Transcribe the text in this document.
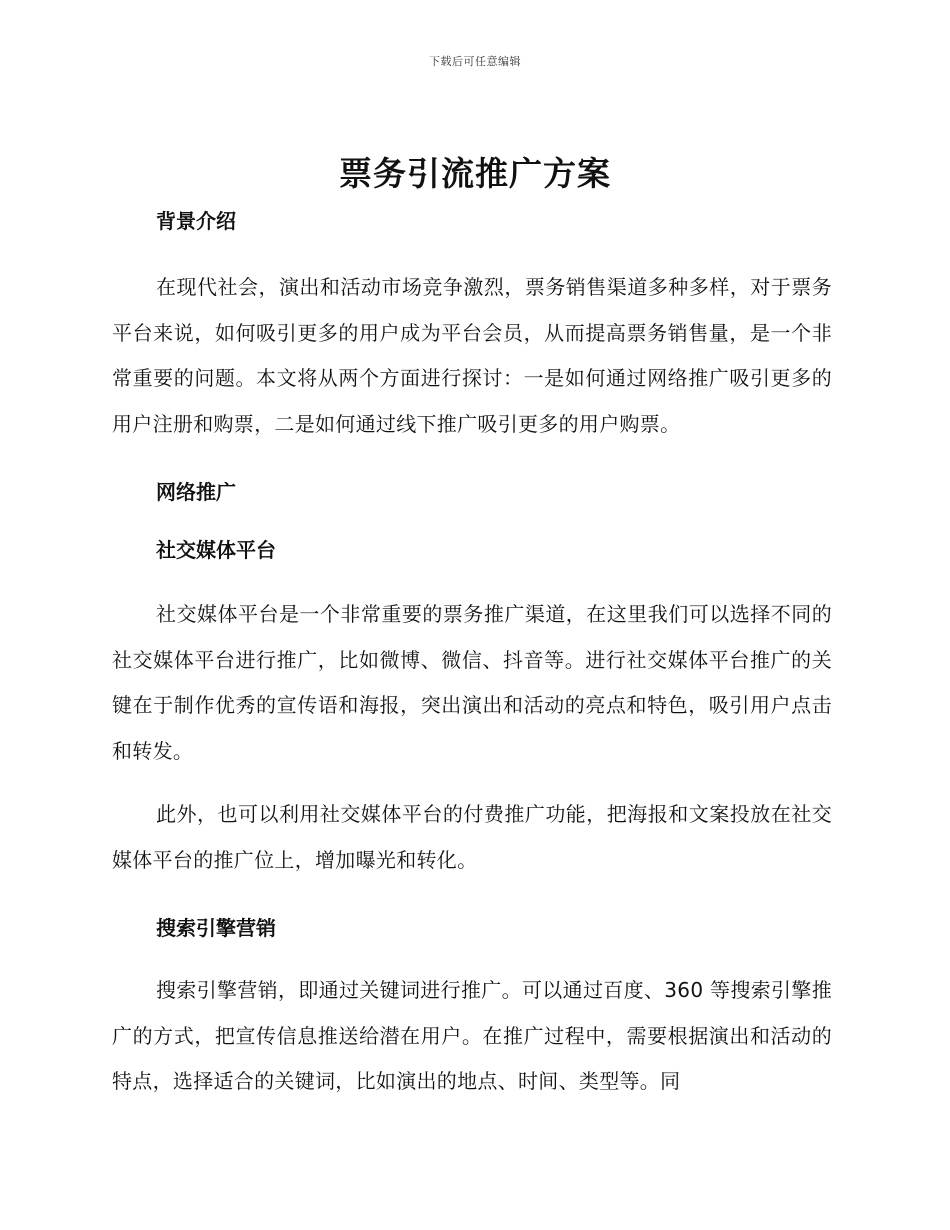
下载后可任意编辑
票务引流推广方案
背景介绍

在现代社会，演出和活动市场竞争激烈，票务销售渠道多种多样，对于票务平台来说，如何吸引更多的用户成为平台会员，从而提高票务销售量，是一个非常重要的问题。本文将从两个方面进行探讨：一是如何通过网络推广吸引更多的用户注册和购票，二是如何通过线下推广吸引更多的用户购票。

网络推广
社交媒体平台

社交媒体平台是一个非常重要的票务推广渠道，在这里我们可以选择不同的社交媒体平台进行推广，比如微博、微信、抖音等。进行社交媒体平台推广的关键在于制作优秀的宣传语和海报，突出演出和活动的亮点和特色，吸引用户点击和转发。

此外，也可以利用社交媒体平台的付费推广功能，把海报和文案投放在社交媒体平台的推广位上，增加曝光和转化。

搜索引擎营销

搜索引擎营销，即通过关键词进行推广。可以通过百度、360 等搜索引擎推广的方式，把宣传信息推送给潜在用户。在推广过程中，需要根据演出和活动的特点，选择适合的关键词，比如演出的地点、时间、类型等。同
